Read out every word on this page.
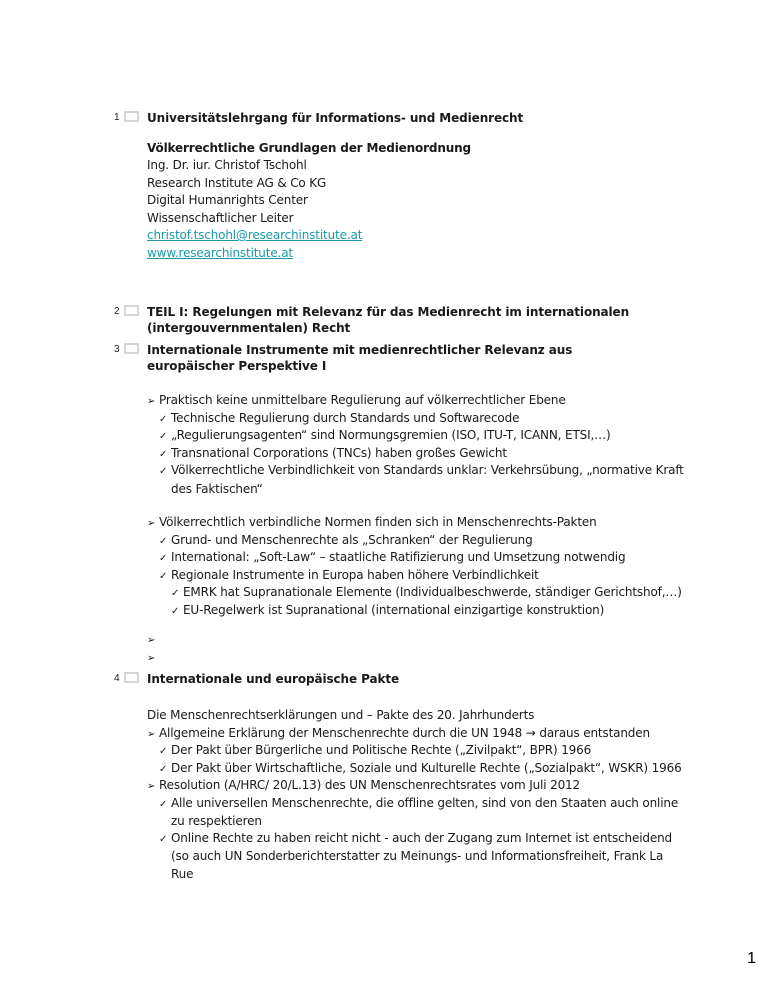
1 Universitätslehrgang für Informations- und Medienrecht
Völkerrechtliche Grundlagen der Medienordnung
Ing. Dr. iur. Christof Tschohl
Research Institute AG & Co KG
Digital Humanrights Center
Wissenschaftlicher Leiter
christof.tschohl@researchinstitute.at
www.researchinstitute.at
2 TEIL I: Regelungen mit Relevanz für das Medienrecht im internationalen (intergouvernmentalen) Recht
3 Internationale Instrumente mit medienrechtlicher Relevanz aus europäischer Perspektive I
➢ Praktisch keine unmittelbare Regulierung auf völkerrechtlicher Ebene
✓ Technische Regulierung durch Standards und Softwarecode
✓ „Regulierungsagenten“ sind Normungsgremien (ISO, ITU-T, ICANN, ETSI,…)
✓ Transnational Corporations (TNCs) haben großes Gewicht
✓ Völkerrechtliche Verbindlichkeit von Standards unklar: Verkehrsübung, „normative Kraft
des Faktischen“
➢ Völkerrechtlich verbindliche Normen finden sich in Menschenrechts-Pakten
✓ Grund- und Menschenrechte als „Schranken“ der Regulierung
✓ International: „Soft-Law“ – staatliche Ratifizierung und Umsetzung notwendig
✓ Regionale Instrumente in Europa haben höhere Verbindlichkeit
✓ EMRK hat Supranationale Elemente (Individualbeschwerde, ständiger Gerichtshof,…)
✓ EU-Regelwerk ist Supranational (international einzigartige konstruktion)
➢
➢
4 Internationale und europäische Pakte
Die Menschenrechtserklärungen und – Pakte des 20. Jahrhunderts
➢ Allgemeine Erklärung der Menschenrechte durch die UN 1948 → daraus entstanden
✓ Der Pakt über Bürgerliche und Politische Rechte („Zivilpakt“, BPR) 1966
✓ Der Pakt über Wirtschaftliche, Soziale und Kulturelle Rechte („Sozialpakt“, WSKR) 1966
➢ Resolution (A/HRC/ 20/L.13) des UN Menschenrechtsrates vom Juli 2012
✓ Alle universellen Menschenrechte, die offline gelten, sind von den Staaten auch online
zu respektieren
✓ Online Rechte zu haben reicht nicht - auch der Zugang zum Internet ist entscheidend
(so auch UN Sonderberichterstatter zu Meinungs- und Informationsfreiheit, Frank La
Rue
1
